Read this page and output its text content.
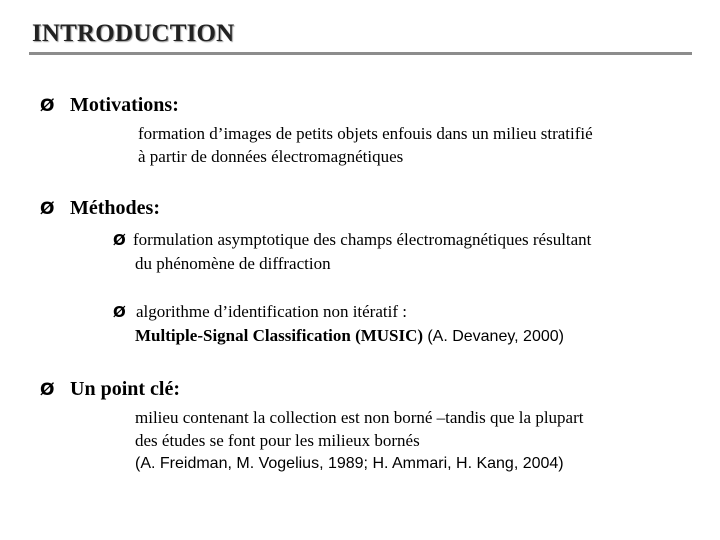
INTRODUCTION
Ø Motivations:
formation d’images de petits objets enfouis dans un milieu stratifié
à partir de données électromagnétiques
Ø Méthodes:
Ø formulation asymptotique des champs électromagnétiques résultant
du phénomène de diffraction
Ø algorithme d’identification non itératif :
Multiple-Signal Classification (MUSIC) (A. Devaney, 2000)
Ø Un point clé:
milieu contenant la collection est non borné –tandis que la plupart
des études se font pour les milieux bornés
(A. Freidman, M. Vogelius, 1989; H. Ammari, H. Kang, 2004)
